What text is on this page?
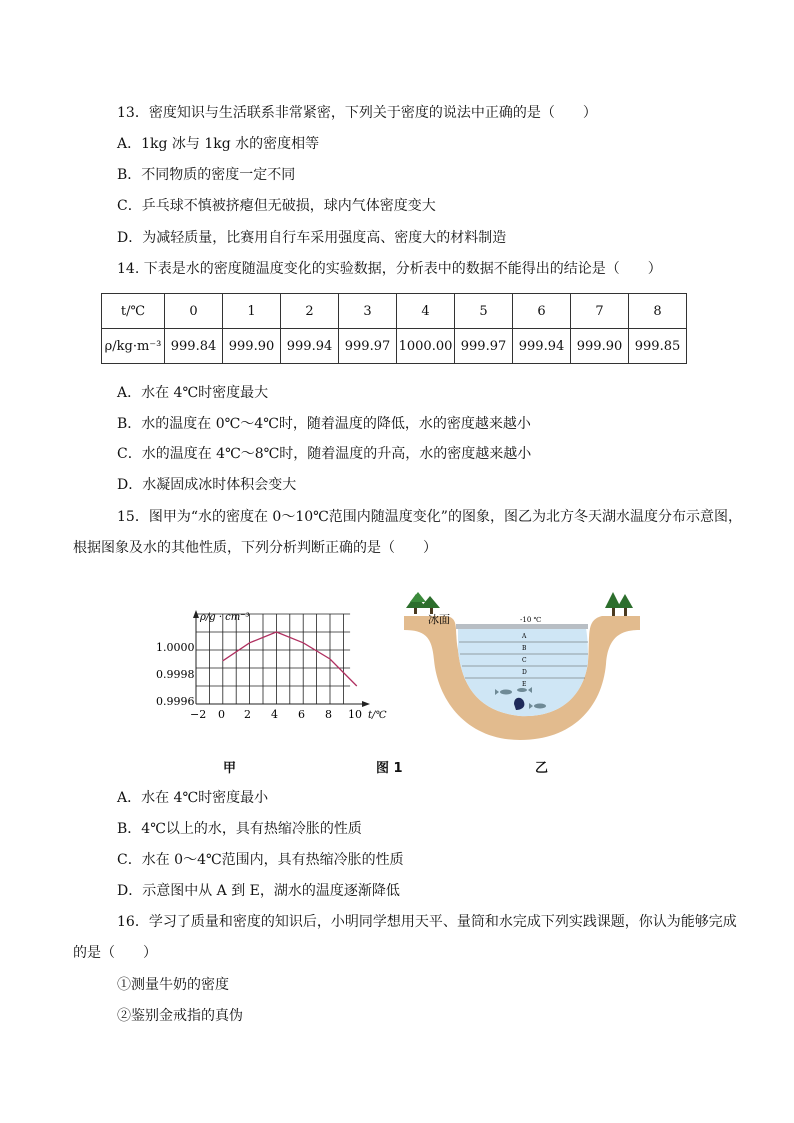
13．密度知识与生活联系非常紧密，下列关于密度的说法中正确的是（　　）
A．1kg 冰与 1kg 水的密度相等
B．不同物质的密度一定不同
C．乒乓球不慎被挤瘪但无破损，球内气体密度变大
D．为减轻质量，比赛用自行车采用强度高、密度大的材料制造
14. 下表是水的密度随温度变化的实验数据，分析表中的数据不能得出的结论是（　　）
t/℃	0	1	2	3	4	5	6	7	8
ρ/kg·m⁻³	999.84	999.90	999.94	999.97	1000.00	999.97	999.94	999.90	999.85
A．水在 4℃时密度最大
B．水的温度在 0℃～4℃时，随着温度的降低，水的密度越来越小
C．水的温度在 4℃～8℃时，随着温度的升高，水的密度越来越小
D．水凝固成冰时体积会变大
15．图甲为“水的密度在 0～10℃范围内随温度变化”的图象，图乙为北方冬天湖水温度分布示意图，
根据图象及水的其他性质，下列分析判断正确的是（　　）
ρ/g · cm⁻³
t/℃
1.0000
0.9998
0.9996
−2 0 2 4 6 8 10
冰面	-10 ℃
A
B
C
D
E
甲	图 1	乙
A．水在 4℃时密度最小
B．4℃以上的水，具有热缩冷胀的性质
C．水在 0～4℃范围内，具有热缩冷胀的性质
D．示意图中从 A 到 E，湖水的温度逐渐降低
16．学习了质量和密度的知识后，小明同学想用天平、量筒和水完成下列实践课题，你认为能够完成
的是（　　）
①测量牛奶的密度
②鉴别金戒指的真伪
